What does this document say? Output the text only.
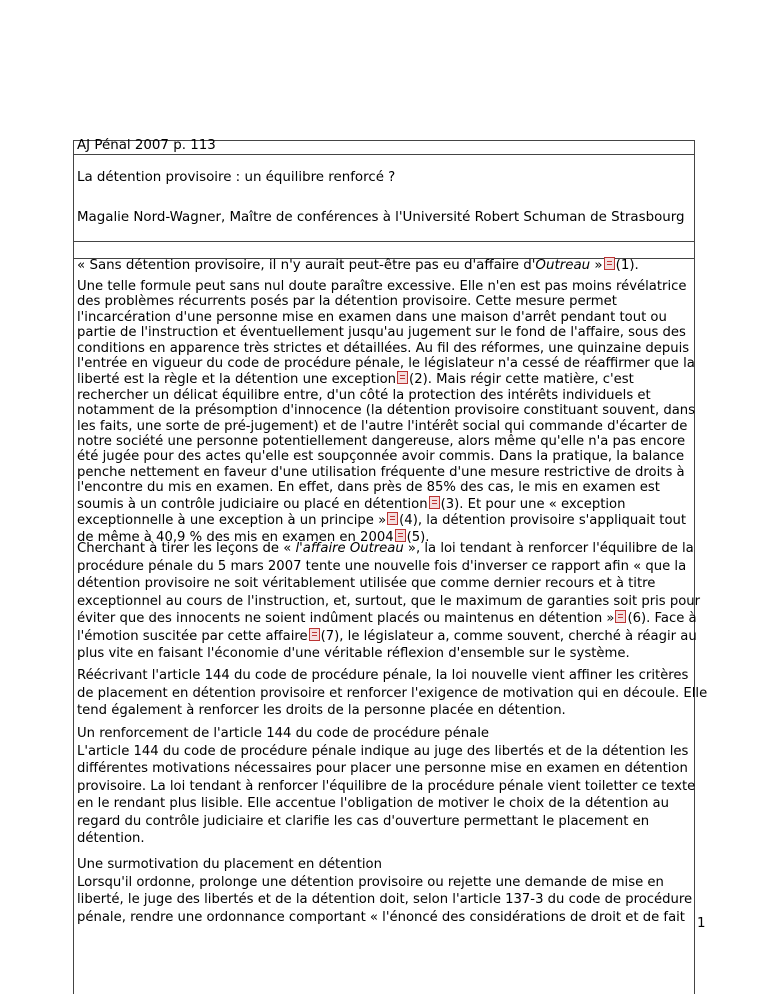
AJ Pénal 2007 p. 113
La détention provisoire : un équilibre renforcé ?
Magalie Nord-Wagner, Maître de conférences à l'Université Robert Schuman de Strasbourg
« Sans détention provisoire, il n'y aurait peut-être pas eu d'affaire d'Outreau » (1).
Une telle formule peut sans nul doute paraître excessive. Elle n'en est pas moins révélatrice
des problèmes récurrents posés par la détention provisoire. Cette mesure permet
l'incarcération d'une personne mise en examen dans une maison d'arrêt pendant tout ou
partie de l'instruction et éventuellement jusqu'au jugement sur le fond de l'affaire, sous des
conditions en apparence très strictes et détaillées. Au fil des réformes, une quinzaine depuis
l'entrée en vigueur du code de procédure pénale, le législateur n'a cessé de réaffirmer que la
liberté est la règle et la détention une exception (2). Mais régir cette matière, c'est
rechercher un délicat équilibre entre, d'un côté la protection des intérêts individuels et
notamment de la présomption d'innocence (la détention provisoire constituant souvent, dans
les faits, une sorte de pré-jugement) et de l'autre l'intérêt social qui commande d'écarter de
notre société une personne potentiellement dangereuse, alors même qu'elle n'a pas encore
été jugée pour des actes qu'elle est soupçonnée avoir commis. Dans la pratique, la balance
penche nettement en faveur d'une utilisation fréquente d'une mesure restrictive de droits à
l'encontre du mis en examen. En effet, dans près de 85% des cas, le mis en examen est
soumis à un contrôle judiciaire ou placé en détention (3). Et pour une « exception
exceptionnelle à une exception à un principe » (4), la détention provisoire s'appliquait tout
de même à 40,9 % des mis en examen en 2004 (5).
Cherchant à tirer les leçons de « l'affaire Outreau », la loi tendant à renforcer l'équilibre de la
procédure pénale du 5 mars 2007 tente une nouvelle fois d'inverser ce rapport afin « que la
détention provisoire ne soit véritablement utilisée que comme dernier recours et à titre
exceptionnel au cours de l'instruction, et, surtout, que le maximum de garanties soit pris pour
éviter que des innocents ne soient indûment placés ou maintenus en détention » (6). Face à
l'émotion suscitée par cette affaire (7), le législateur a, comme souvent, cherché à réagir au
plus vite en faisant l'économie d'une véritable réflexion d'ensemble sur le système.
Réécrivant l'article 144 du code de procédure pénale, la loi nouvelle vient affiner les critères
de placement en détention provisoire et renforcer l'exigence de motivation qui en découle. Elle
tend également à renforcer les droits de la personne placée en détention.
Un renforcement de l'article 144 du code de procédure pénale
L'article 144 du code de procédure pénale indique au juge des libertés et de la détention les
différentes motivations nécessaires pour placer une personne mise en examen en détention
provisoire. La loi tendant à renforcer l'équilibre de la procédure pénale vient toiletter ce texte
en le rendant plus lisible. Elle accentue l'obligation de motiver le choix de la détention au
regard du contrôle judiciaire et clarifie les cas d'ouverture permettant le placement en
détention.
Une surmotivation du placement en détention
Lorsqu'il ordonne, prolonge une détention provisoire ou rejette une demande de mise en
liberté, le juge des libertés et de la détention doit, selon l'article 137-3 du code de procédure
pénale, rendre une ordonnance comportant « l'énoncé des considérations de droit et de fait 1
